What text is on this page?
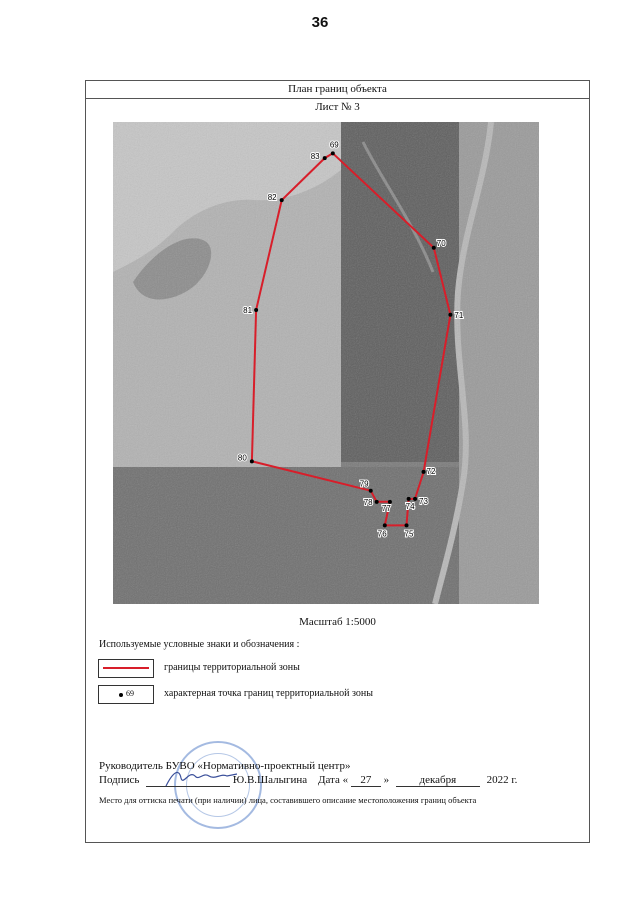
36
План границ объекта
Лист № 3
69
70
71
72
73
74
75
76
77
78
79
80
81
82
83
Масштаб 1:5000
Используемые условные знаки и обозначения :
границы территориальной зоны
69	характерная точка границ территориальной зоны
Руководитель БУВО «Нормативно-проектный центр»
Подпись	Ю.В.Шалыгина Дата « 27 »	декабря	2022 г.
Место для оттиска печати (при наличии) лица, составившего описание местоположения границ объекта
